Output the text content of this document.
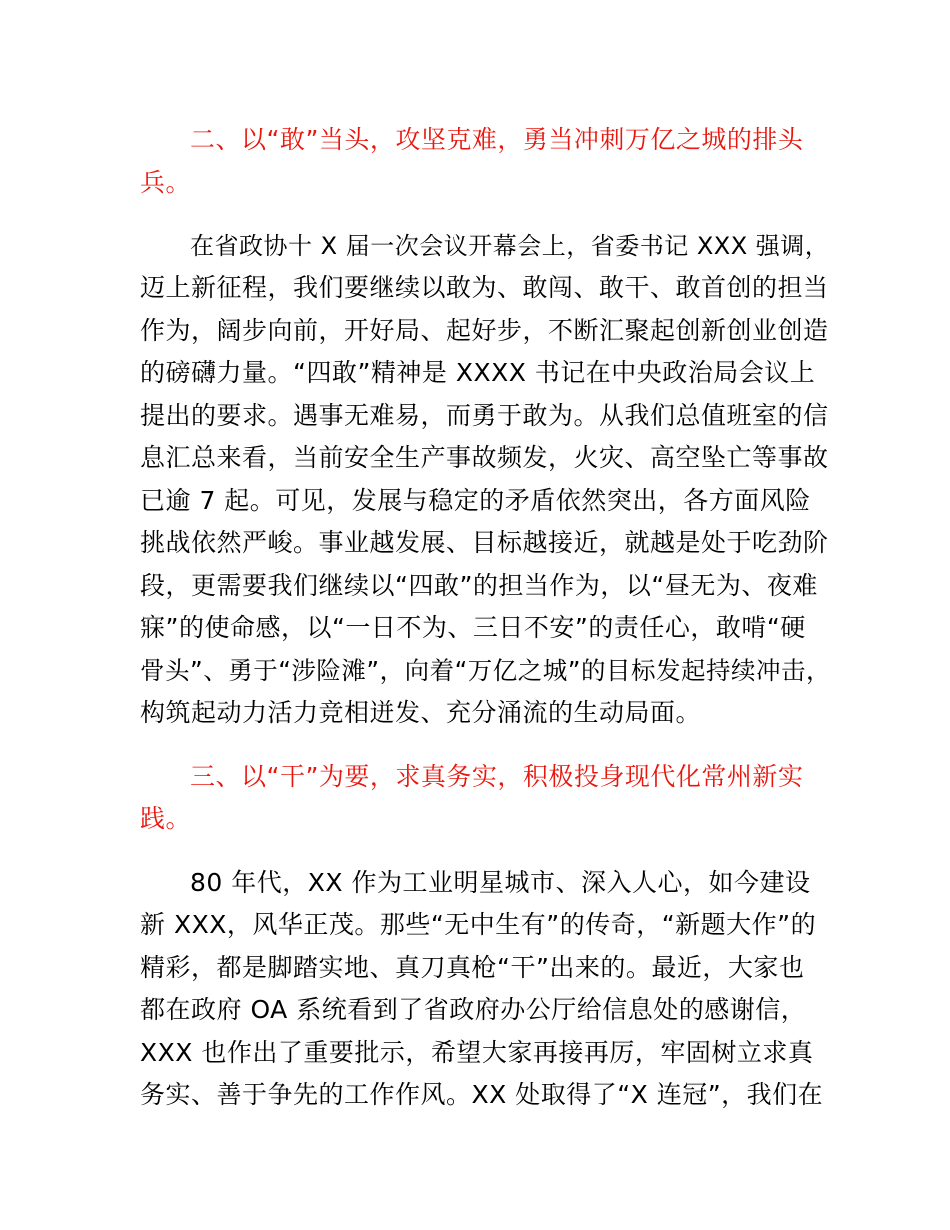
二、以“敢”当头，攻坚克难，勇当冲刺万亿之城的排头
兵。
在省政协十 X 届一次会议开幕会上，省委书记 XXX 强调，
迈上新征程，我们要继续以敢为、敢闯、敢干、敢首创的担当
作为，阔步向前，开好局、起好步，不断汇聚起创新创业创造
的磅礴力量。“四敢”精神是 XXXX 书记在中央政治局会议上
提出的要求。遇事无难易，而勇于敢为。从我们总值班室的信
息汇总来看，当前安全生产事故频发，火灾、高空坠亡等事故
已逾 7 起。可见，发展与稳定的矛盾依然突出，各方面风险
挑战依然严峻。事业越发展、目标越接近，就越是处于吃劲阶
段，更需要我们继续以“四敢”的担当作为，以“昼无为、夜难
寐”的使命感，以“一日不为、三日不安”的责任心，敢啃“硬
骨头”、勇于“涉险滩”，向着“万亿之城”的目标发起持续冲击，
构筑起动力活力竞相迸发、充分涌流的生动局面。
三、以“干”为要，求真务实，积极投身现代化常州新实
践。
80 年代，XX 作为工业明星城市、深入人心，如今建设
新 XXX，风华正茂。那些“无中生有”的传奇，“新题大作”的
精彩，都是脚踏实地、真刀真枪“干”出来的。最近，大家也
都在政府 OA 系统看到了省政府办公厅给信息处的感谢信，
XXX 也作出了重要批示，希望大家再接再厉，牢固树立求真
务实、善于争先的工作作风。XX 处取得了“X 连冠”，我们在
